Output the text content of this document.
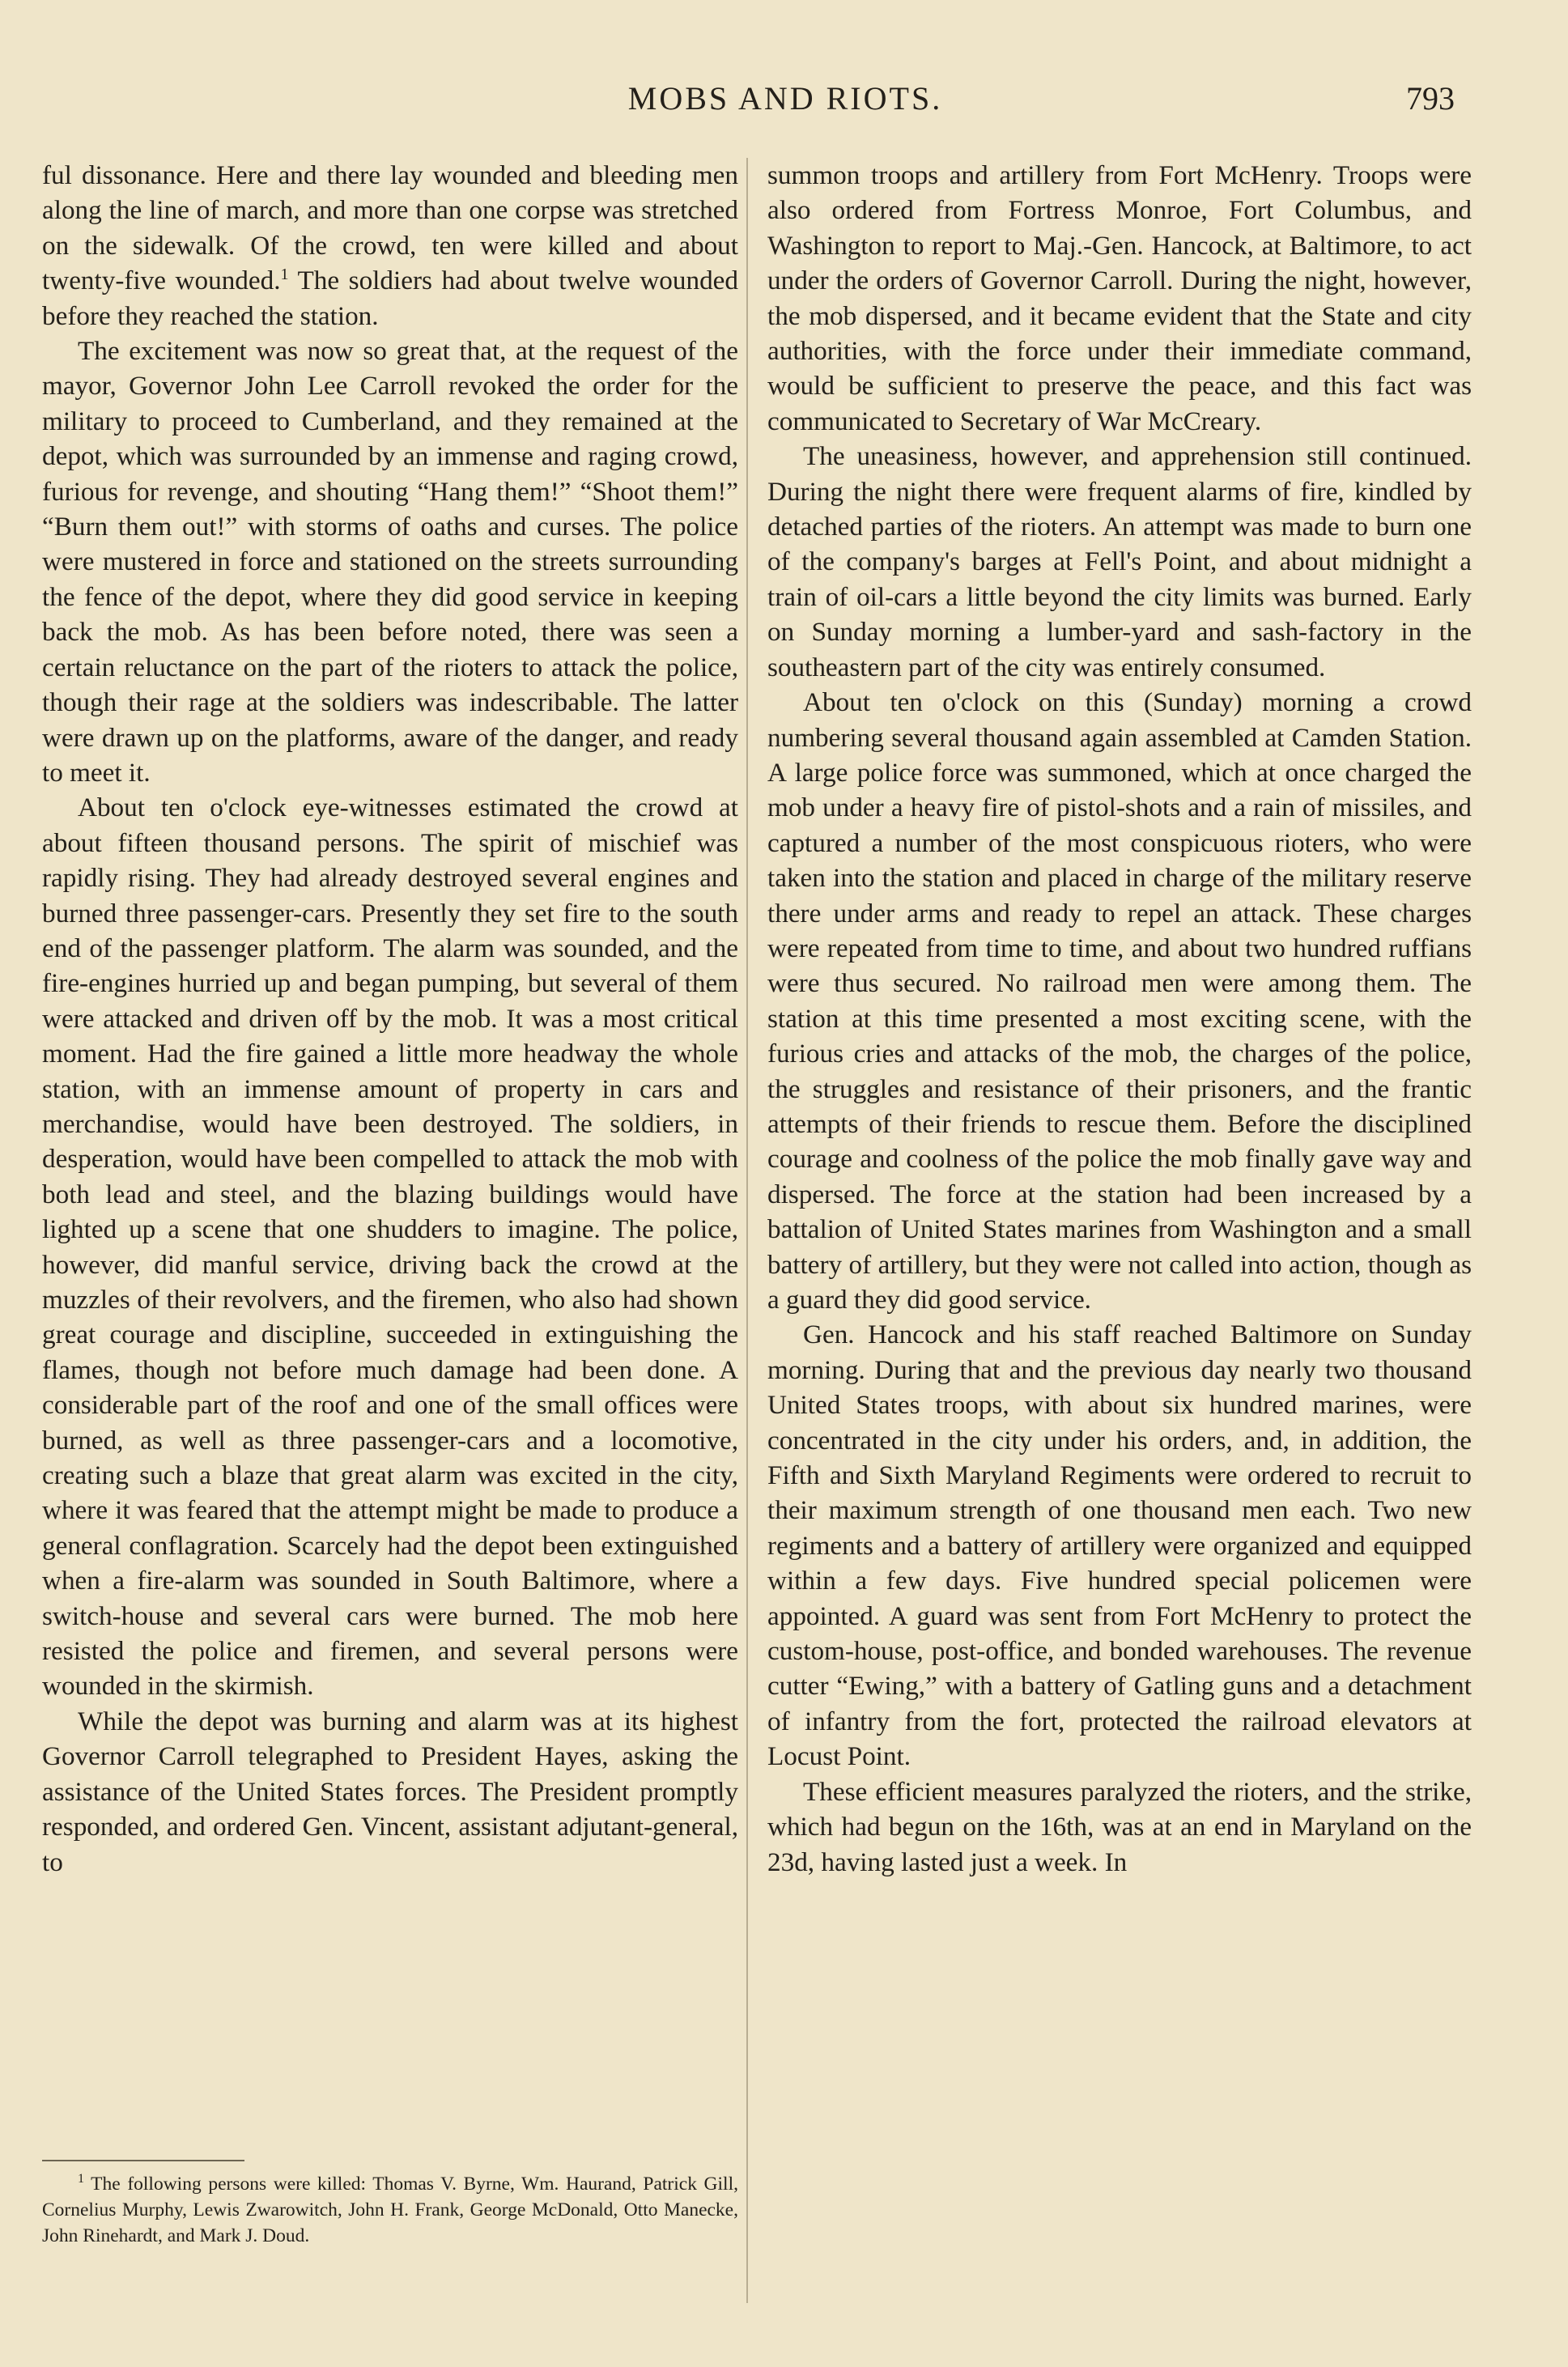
MOBS AND RIOTS.	793

ful dissonance. Here and there lay wounded and bleeding men along the line of march, and more than one corpse was stretched on the sidewalk. Of the crowd, ten were killed and about twenty-five wounded.$^1$ The soldiers had about twelve wounded before they reached the station.

The excitement was now so great that, at the request of the mayor, Governor John Lee Carroll revoked the order for the military to proceed to Cumberland, and they remained at the depot, which was surrounded by an immense and raging crowd, furious for revenge, and shouting “Hang them!” “Shoot them!” “Burn them out!” with storms of oaths and curses. The police were mustered in force and stationed on the streets surrounding the fence of the depot, where they did good service in keeping back the mob. As has been before noted, there was seen a certain reluctance on the part of the rioters to attack the police, though their rage at the soldiers was indescribable. The latter were drawn up on the platforms, aware of the danger, and ready to meet it.

About ten o'clock eye-witnesses estimated the crowd at about fifteen thousand persons. The spirit of mischief was rapidly rising. They had already destroyed several engines and burned three passenger-cars. Presently they set fire to the south end of the passenger platform. The alarm was sounded, and the fire-engines hurried up and began pumping, but several of them were attacked and driven off by the mob. It was a most critical moment. Had the fire gained a little more headway the whole station, with an immense amount of property in cars and merchandise, would have been destroyed. The soldiers, in desperation, would have been compelled to attack the mob with both lead and steel, and the blazing buildings would have lighted up a scene that one shudders to imagine. The police, however, did manful service, driving back the crowd at the muzzles of their revolvers, and the firemen, who also had shown great courage and discipline, succeeded in extinguishing the flames, though not before much damage had been done. A considerable part of the roof and one of the small offices were burned, as well as three passenger-cars and a locomotive, creating such a blaze that great alarm was excited in the city, where it was feared that the attempt might be made to produce a general conflagration. Scarcely had the depot been extinguished when a fire-alarm was sounded in South Baltimore, where a switch-house and several cars were burned. The mob here resisted the police and firemen, and several persons were wounded in the skirmish.

While the depot was burning and alarm was at its highest Governor Carroll telegraphed to President Hayes, asking the assistance of the United States forces. The President promptly responded, and ordered Gen. Vincent, assistant adjutant-general, to

summon troops and artillery from Fort McHenry. Troops were also ordered from Fortress Monroe, Fort Columbus, and Washington to report to Maj.-Gen. Hancock, at Baltimore, to act under the orders of Governor Carroll. During the night, however, the mob dispersed, and it became evident that the State and city authorities, with the force under their immediate command, would be sufficient to preserve the peace, and this fact was communicated to Secretary of War McCreary.

The uneasiness, however, and apprehension still continued. During the night there were frequent alarms of fire, kindled by detached parties of the rioters. An attempt was made to burn one of the company's barges at Fell's Point, and about midnight a train of oil-cars a little beyond the city limits was burned. Early on Sunday morning a lumber-yard and sash-factory in the southeastern part of the city was entirely consumed.

About ten o'clock on this (Sunday) morning a crowd numbering several thousand again assembled at Camden Station. A large police force was summoned, which at once charged the mob under a heavy fire of pistol-shots and a rain of missiles, and captured a number of the most conspicuous rioters, who were taken into the station and placed in charge of the military reserve there under arms and ready to repel an attack. These charges were repeated from time to time, and about two hundred ruffians were thus secured. No railroad men were among them. The station at this time presented a most exciting scene, with the furious cries and attacks of the mob, the charges of the police, the struggles and resistance of their prisoners, and the frantic attempts of their friends to rescue them. Before the disciplined courage and coolness of the police the mob finally gave way and dispersed. The force at the station had been increased by a battalion of United States marines from Washington and a small battery of artillery, but they were not called into action, though as a guard they did good service.

Gen. Hancock and his staff reached Baltimore on Sunday morning. During that and the previous day nearly two thousand United States troops, with about six hundred marines, were concentrated in the city under his orders, and, in addition, the Fifth and Sixth Maryland Regiments were ordered to recruit to their maximum strength of one thousand men each. Two new regiments and a battery of artillery were organized and equipped within a few days. Five hundred special policemen were appointed. A guard was sent from Fort McHenry to protect the custom-house, post-office, and bonded warehouses. The revenue cutter “Ewing,” with a battery of Gatling guns and a detachment of infantry from the fort, protected the railroad elevators at Locust Point.

These efficient measures paralyzed the rioters, and the strike, which had begun on the 16th, was at an end in Maryland on the 23d, having lasted just a week. In

$^1$ The following persons were killed: Thomas V. Byrne, Wm. Haurand, Patrick Gill, Cornelius Murphy, Lewis Zwarowitch, John H. Frank, George McDonald, Otto Manecke, John Rinehardt, and Mark J. Doud.
